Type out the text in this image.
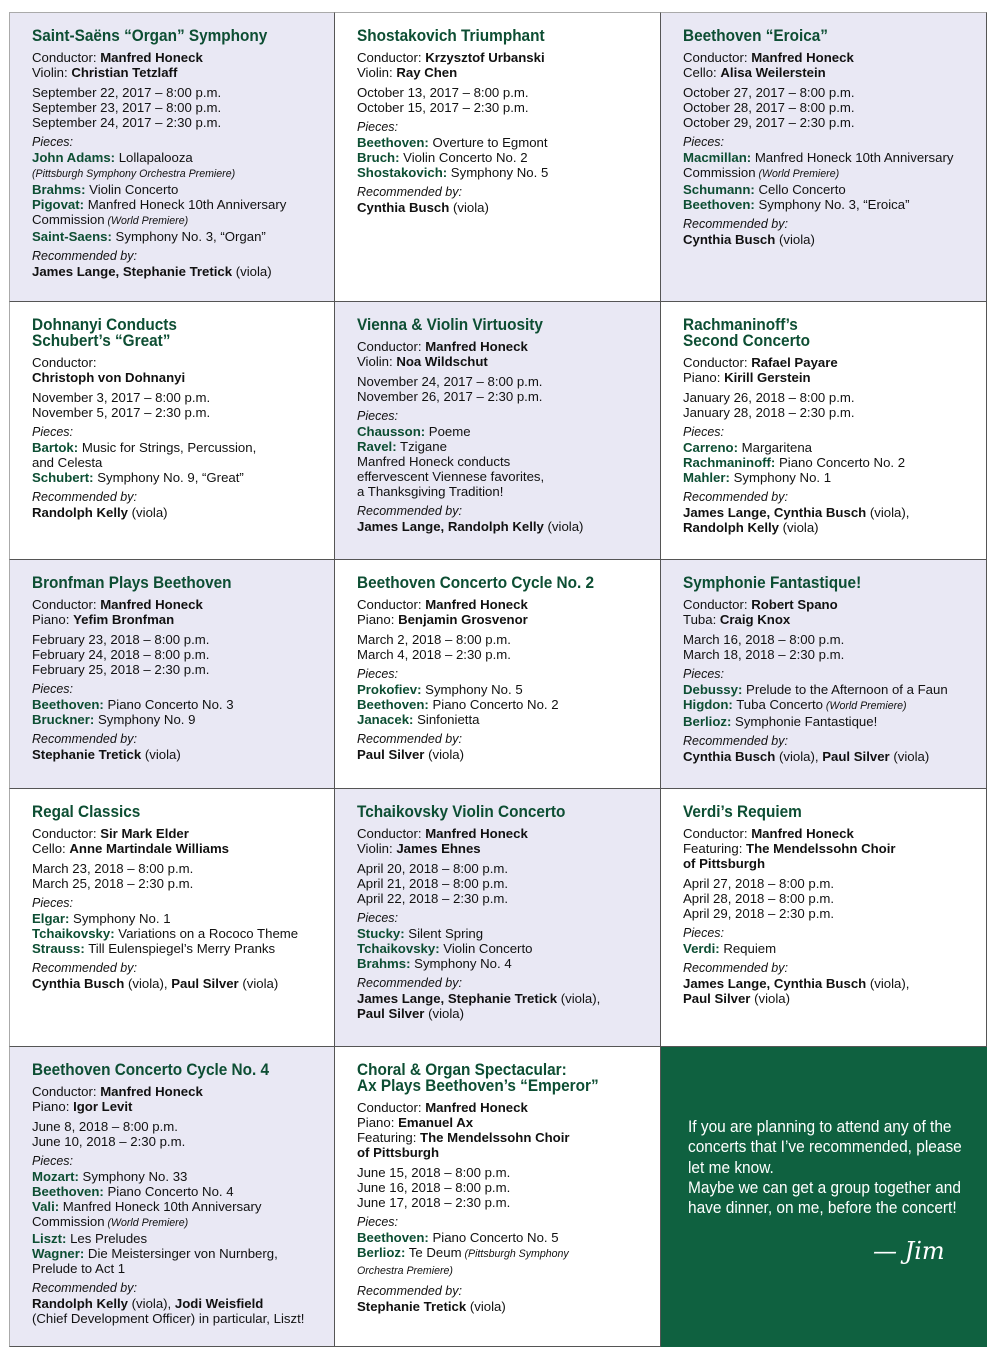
Saint-Saëns “Organ” Symphony
Conductor: Manfred Honeck
Violin: Christian Tetzlaff
September 22, 2017 – 8:00 p.m.
September 23, 2017 – 8:00 p.m.
September 24, 2017 – 2:30 p.m.
Pieces:
John Adams: Lollapalooza
(Pittsburgh Symphony Orchestra Premiere)
Brahms: Violin Concerto
Pigovat: Manfred Honeck 10th Anniversary
Commission (World Premiere)
Saint-Saens: Symphony No. 3, “Organ”
Recommended by:
James Lange, Stephanie Tretick (viola)
Shostakovich Triumphant
Conductor: Krzysztof Urbanski
Violin: Ray Chen
October 13, 2017 – 8:00 p.m.
October 15, 2017 – 2:30 p.m.
Pieces:
Beethoven: Overture to Egmont
Bruch: Violin Concerto No. 2
Shostakovich: Symphony No. 5
Recommended by:
Cynthia Busch (viola)
Beethoven “Eroica”
Conductor: Manfred Honeck
Cello: Alisa Weilerstein
October 27, 2017 – 8:00 p.m.
October 28, 2017 – 8:00 p.m.
October 29, 2017 – 2:30 p.m.
Pieces:
Macmillan: Manfred Honeck 10th Anniversary
Commission (World Premiere)
Schumann: Cello Concerto
Beethoven: Symphony No. 3, “Eroica”
Recommended by:
Cynthia Busch (viola)
Dohnanyi Conducts
Schubert’s “Great”
Conductor:
Christoph von Dohnanyi
November 3, 2017 – 8:00 p.m.
November 5, 2017 – 2:30 p.m.
Pieces:
Bartok: Music for Strings, Percussion,
and Celesta
Schubert: Symphony No. 9, “Great”
Recommended by:
Randolph Kelly (viola)
Vienna & Violin Virtuosity
Conductor: Manfred Honeck
Violin: Noa Wildschut
November 24, 2017 – 8:00 p.m.
November 26, 2017 – 2:30 p.m.
Pieces:
Chausson: Poeme
Ravel: Tzigane
Manfred Honeck conducts
effervescent Viennese favorites,
a Thanksgiving Tradition!
Recommended by:
James Lange, Randolph Kelly (viola)
Rachmaninoff’s
Second Concerto
Conductor: Rafael Payare
Piano: Kirill Gerstein
January 26, 2018 – 8:00 p.m.
January 28, 2018 – 2:30 p.m.
Pieces:
Carreno: Margaritena
Rachmaninoff: Piano Concerto No. 2
Mahler: Symphony No. 1
Recommended by:
James Lange, Cynthia Busch (viola),
Randolph Kelly (viola)
Bronfman Plays Beethoven
Conductor: Manfred Honeck
Piano: Yefim Bronfman
February 23, 2018 – 8:00 p.m.
February 24, 2018 – 8:00 p.m.
February 25, 2018 – 2:30 p.m.
Pieces:
Beethoven: Piano Concerto No. 3
Bruckner: Symphony No. 9
Recommended by:
Stephanie Tretick (viola)
Beethoven Concerto Cycle No. 2
Conductor: Manfred Honeck
Piano: Benjamin Grosvenor
March 2, 2018 – 8:00 p.m.
March 4, 2018 – 2:30 p.m.
Pieces:
Prokofiev: Symphony No. 5
Beethoven: Piano Concerto No. 2
Janacek: Sinfonietta
Recommended by:
Paul Silver (viola)
Symphonie Fantastique!
Conductor: Robert Spano
Tuba: Craig Knox
March 16, 2018 – 8:00 p.m.
March 18, 2018 – 2:30 p.m.
Pieces:
Debussy: Prelude to the Afternoon of a Faun
Higdon: Tuba Concerto (World Premiere)
Berlioz: Symphonie Fantastique!
Recommended by:
Cynthia Busch (viola), Paul Silver (viola)
Regal Classics
Conductor: Sir Mark Elder
Cello: Anne Martindale Williams
March 23, 2018 – 8:00 p.m.
March 25, 2018 – 2:30 p.m.
Pieces:
Elgar: Symphony No. 1
Tchaikovsky: Variations on a Rococo Theme
Strauss: Till Eulenspiegel’s Merry Pranks
Recommended by:
Cynthia Busch (viola), Paul Silver (viola)
Tchaikovsky Violin Concerto
Conductor: Manfred Honeck
Violin: James Ehnes
April 20, 2018 – 8:00 p.m.
April 21, 2018 – 8:00 p.m.
April 22, 2018 – 2:30 p.m.
Pieces:
Stucky: Silent Spring
Tchaikovsky: Violin Concerto
Brahms: Symphony No. 4
Recommended by:
James Lange, Stephanie Tretick (viola),
Paul Silver (viola)
Verdi’s Requiem
Conductor: Manfred Honeck
Featuring: The Mendelssohn Choir
of Pittsburgh
April 27, 2018 – 8:00 p.m.
April 28, 2018 – 8:00 p.m.
April 29, 2018 – 2:30 p.m.
Pieces:
Verdi: Requiem
Recommended by:
James Lange, Cynthia Busch (viola),
Paul Silver (viola)
Beethoven Concerto Cycle No. 4
Conductor: Manfred Honeck
Piano: Igor Levit
June 8, 2018 – 8:00 p.m.
June 10, 2018 – 2:30 p.m.
Pieces:
Mozart: Symphony No. 33
Beethoven: Piano Concerto No. 4
Vali: Manfred Honeck 10th Anniversary
Commission (World Premiere)
Liszt: Les Preludes
Wagner: Die Meistersinger von Nurnberg,
Prelude to Act 1
Recommended by:
Randolph Kelly (viola), Jodi Weisfield
(Chief Development Officer) in particular, Liszt!
Choral & Organ Spectacular:
Ax Plays Beethoven’s “Emperor”
Conductor: Manfred Honeck
Piano: Emanuel Ax
Featuring: The Mendelssohn Choir
of Pittsburgh
June 15, 2018 – 8:00 p.m.
June 16, 2018 – 8:00 p.m.
June 17, 2018 – 2:30 p.m.
Pieces:
Beethoven: Piano Concerto No. 5
Berlioz: Te Deum (Pittsburgh Symphony
Orchestra Premiere)
Recommended by:
Stephanie Tretick (viola)
If you are planning to attend any of the concerts that I’ve recommended, please let me know.
Maybe we can get a group together and have dinner, on me, before the concert!
— Jim
